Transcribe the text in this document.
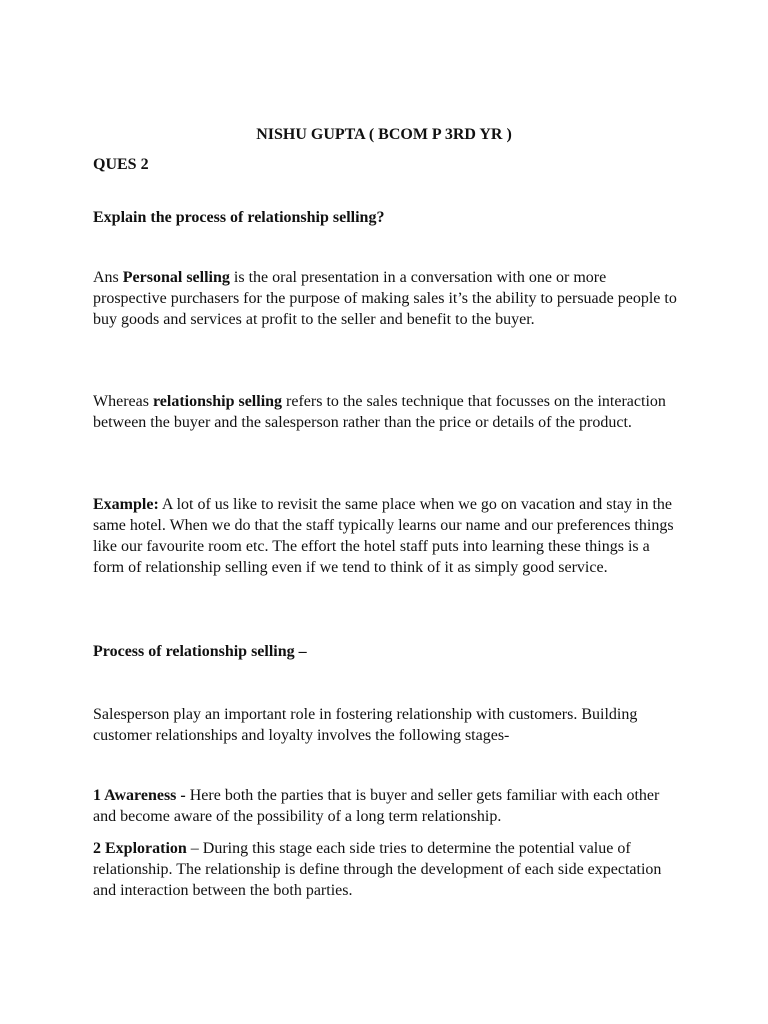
NISHU GUPTA ( BCOM P 3RD YR )

QUES 2

Explain the process of relationship selling?

Ans Personal selling is the oral presentation in a conversation with one or more prospective purchasers for the purpose of making sales it’s the ability to persuade people to buy goods and services at profit to the seller and benefit to the buyer.

Whereas relationship selling refers to the sales technique that focusses on the interaction between the buyer and the salesperson rather than the price or details of the product.

Example: A lot of us like to revisit the same place when we go on vacation and stay in the same hotel. When we do that the staff typically learns our name and our preferences things like our favourite room etc. The effort the hotel staff puts into learning these things is a form of relationship selling even if we tend to think of it as simply good service.

Process of relationship selling –

Salesperson play an important role in fostering relationship with customers. Building customer relationships and loyalty involves the following stages-

1 Awareness - Here both the parties that is buyer and seller gets familiar with each other and become aware of the possibility of a long term relationship.

2 Exploration – During this stage each side tries to determine the potential value of relationship. The relationship is define through the development of each side expectation and interaction between the both parties.
